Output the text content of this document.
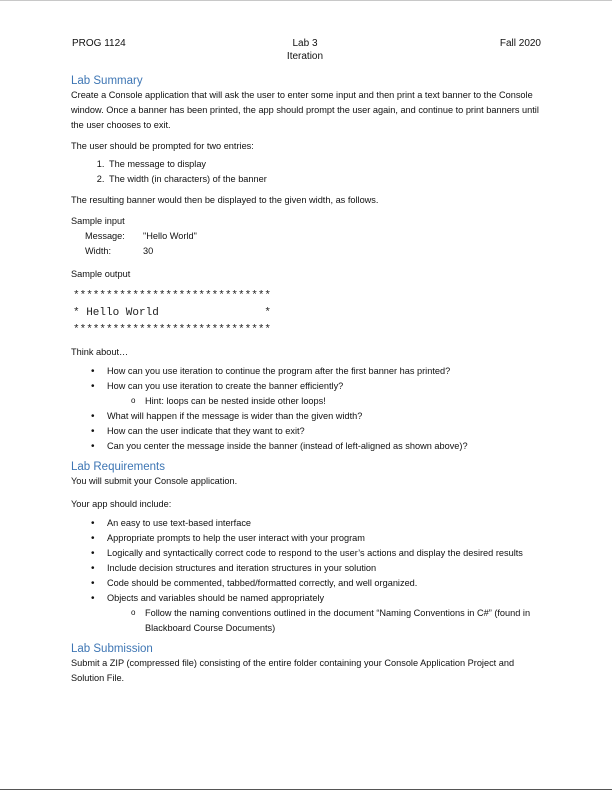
PROG 1124	Lab 3
Iteration
Fall 2020
Lab Summary

Create a Console application that will ask the user to enter some input and then print a text banner to the Console window. Once a banner has been printed, the app should prompt the user again, and continue to print banners until the user chooses to exit.

The user should be prompted for two entries:

1. The message to display
2. The width (in characters) of the banner

The resulting banner would then be displayed to the given width, as follows.

Sample input

Message:	"Hello World"
Width:	30

Sample output

******************************
* Hello World                *
******************************

Think about…

• How can you use iteration to continue the program after the first banner has printed?
• How can you use iteration to create the banner efficiently?
o Hint: loops can be nested inside other loops!
• What will happen if the message is wider than the given width?
• How can the user indicate that they want to exit?
• Can you center the message inside the banner (instead of left-aligned as shown above)?
Lab Requirements

You will submit your Console application.

Your app should include:

• An easy to use text-based interface
• Appropriate prompts to help the user interact with your program
• Logically and syntactically correct code to respond to the user’s actions and display the desired results
• Include decision structures and iteration structures in your solution
• Code should be commented, tabbed/formatted correctly, and well organized.
• Objects and variables should be named appropriately
o Follow the naming conventions outlined in the document “Naming Conventions in C#” (found in Blackboard Course Documents)
Lab Submission

Submit a ZIP (compressed file) consisting of the entire folder containing your Console Application Project and Solution File.
